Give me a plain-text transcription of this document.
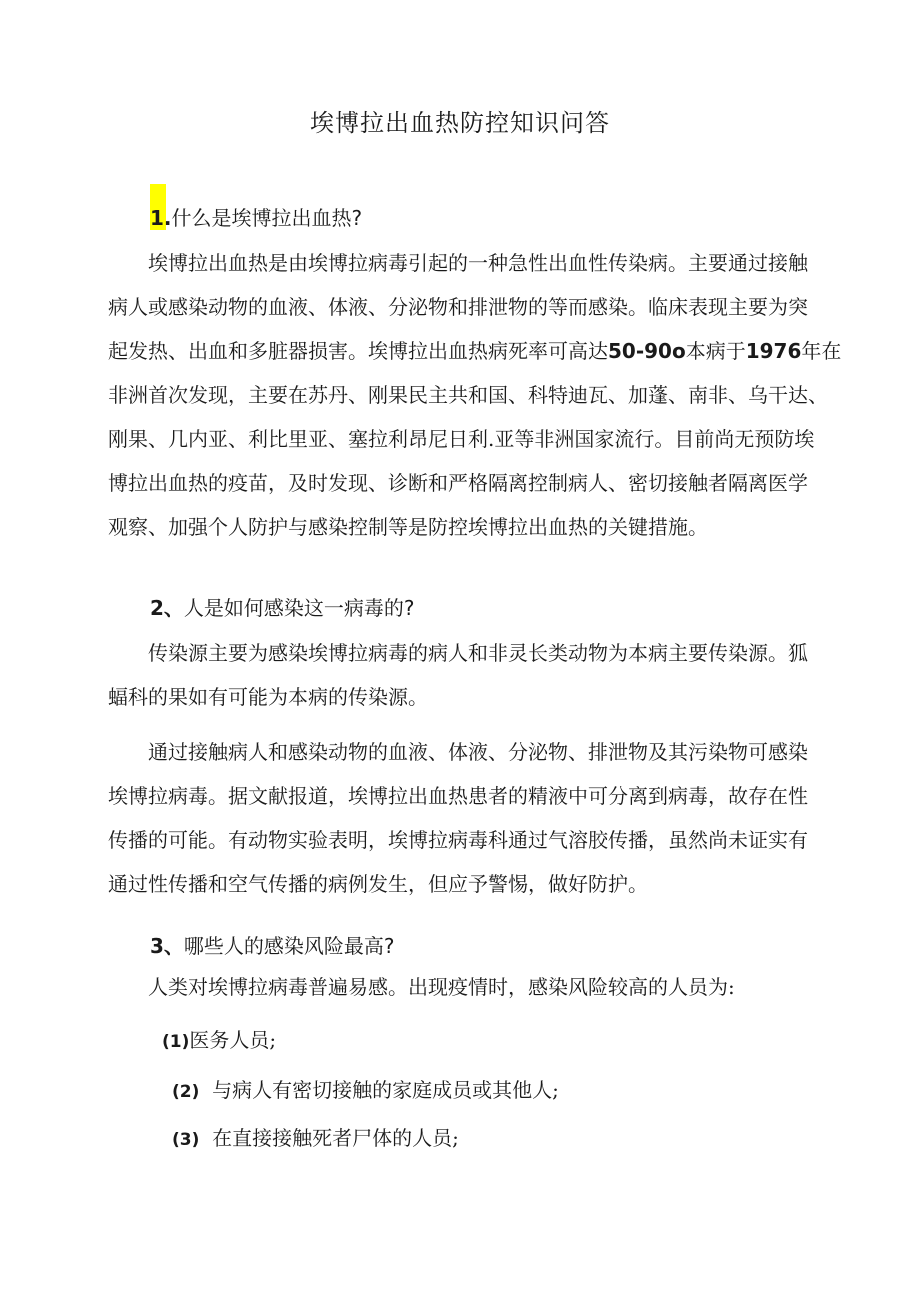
埃博拉出血热防控知识问答
1.什么是埃博拉出血热?
埃博拉出血热是由埃博拉病毒引起的一种急性出血性传染病。主要通过接触
病人或感染动物的血液、体液、分泌物和排泄物的等而感染。临床表现主要为突
起发热、出血和多脏器损害。埃博拉出血热病死率可高达50-90o本病于1976年在
非洲首次发现，主要在苏丹、刚果民主共和国、科特迪瓦、加蓬、南非、乌干达、
刚果、几内亚、利比里亚、塞拉利昂尼日利.亚等非洲国家流行。目前尚无预防埃
博拉出血热的疫苗，及时发现、诊断和严格隔离控制病人、密切接触者隔离医学
观察、加强个人防护与感染控制等是防控埃博拉出血热的关键措施。
2、人是如何感染这一病毒的?
传染源主要为感染埃博拉病毒的病人和非灵长类动物为本病主要传染源。狐
蝠科的果如有可能为本病的传染源。
通过接触病人和感染动物的血液、体液、分泌物、排泄物及其污染物可感染
埃博拉病毒。据文献报道，埃博拉出血热患者的精液中可分离到病毒，故存在性
传播的可能。有动物实验表明，埃博拉病毒科通过气溶胶传播，虽然尚未证实有
通过性传播和空气传播的病例发生，但应予警惕，做好防护。
3、哪些人的感染风险最高?
人类对埃博拉病毒普遍易感。出现疫情时，感染风险较高的人员为:

(1)医务人员;

(2) 与病人有密切接触的家庭成员或其他人;

(3) 在直接接触死者尸体的人员;
